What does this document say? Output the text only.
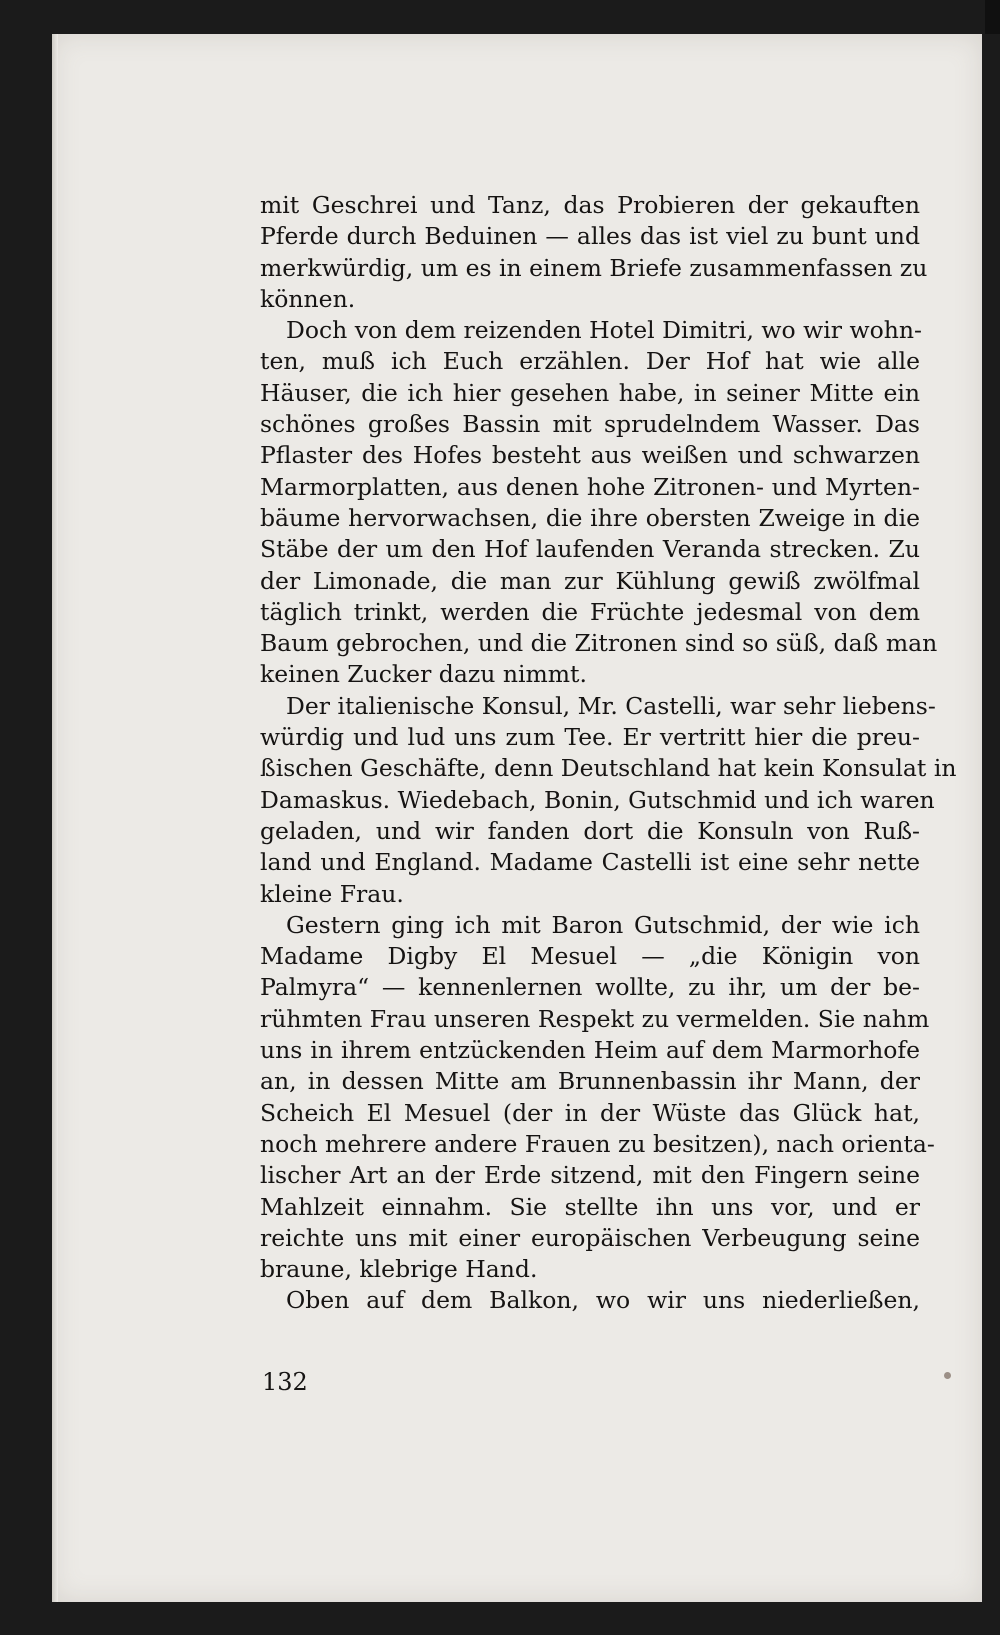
mit Geschrei und Tanz, das Probieren der gekauften
Pferde durch Beduinen — alles das ist viel zu bunt und
merkwürdig, um es in einem Briefe zusammenfassen zu
können.
Doch von dem reizenden Hotel Dimitri, wo wir wohn-
ten, muß ich Euch erzählen. Der Hof hat wie alle
Häuser, die ich hier gesehen habe, in seiner Mitte ein
schönes großes Bassin mit sprudelndem Wasser. Das
Pflaster des Hofes besteht aus weißen und schwarzen
Marmorplatten, aus denen hohe Zitronen- und Myrten-
bäume hervorwachsen, die ihre obersten Zweige in die
Stäbe der um den Hof laufenden Veranda strecken. Zu
der Limonade, die man zur Kühlung gewiß zwölfmal
täglich trinkt, werden die Früchte jedesmal von dem
Baum gebrochen, und die Zitronen sind so süß, daß man
keinen Zucker dazu nimmt.
Der italienische Konsul, Mr. Castelli, war sehr liebens-
würdig und lud uns zum Tee. Er vertritt hier die preu-
ßischen Geschäfte, denn Deutschland hat kein Konsulat in
Damaskus. Wiedebach, Bonin, Gutschmid und ich waren
geladen, und wir fanden dort die Konsuln von Ruß-
land und England. Madame Castelli ist eine sehr nette
kleine Frau.
Gestern ging ich mit Baron Gutschmid, der wie ich
Madame Digby El Mesuel — „die Königin von
Palmyra“ — kennenlernen wollte, zu ihr, um der be-
rühmten Frau unseren Respekt zu vermelden. Sie nahm
uns in ihrem entzückenden Heim auf dem Marmorhofe
an, in dessen Mitte am Brunnenbassin ihr Mann, der
Scheich El Mesuel (der in der Wüste das Glück hat,
noch mehrere andere Frauen zu besitzen), nach orienta-
lischer Art an der Erde sitzend, mit den Fingern seine
Mahlzeit einnahm. Sie stellte ihn uns vor, und er
reichte uns mit einer europäischen Verbeugung seine
braune, klebrige Hand.
Oben auf dem Balkon, wo wir uns niederließen,
132
